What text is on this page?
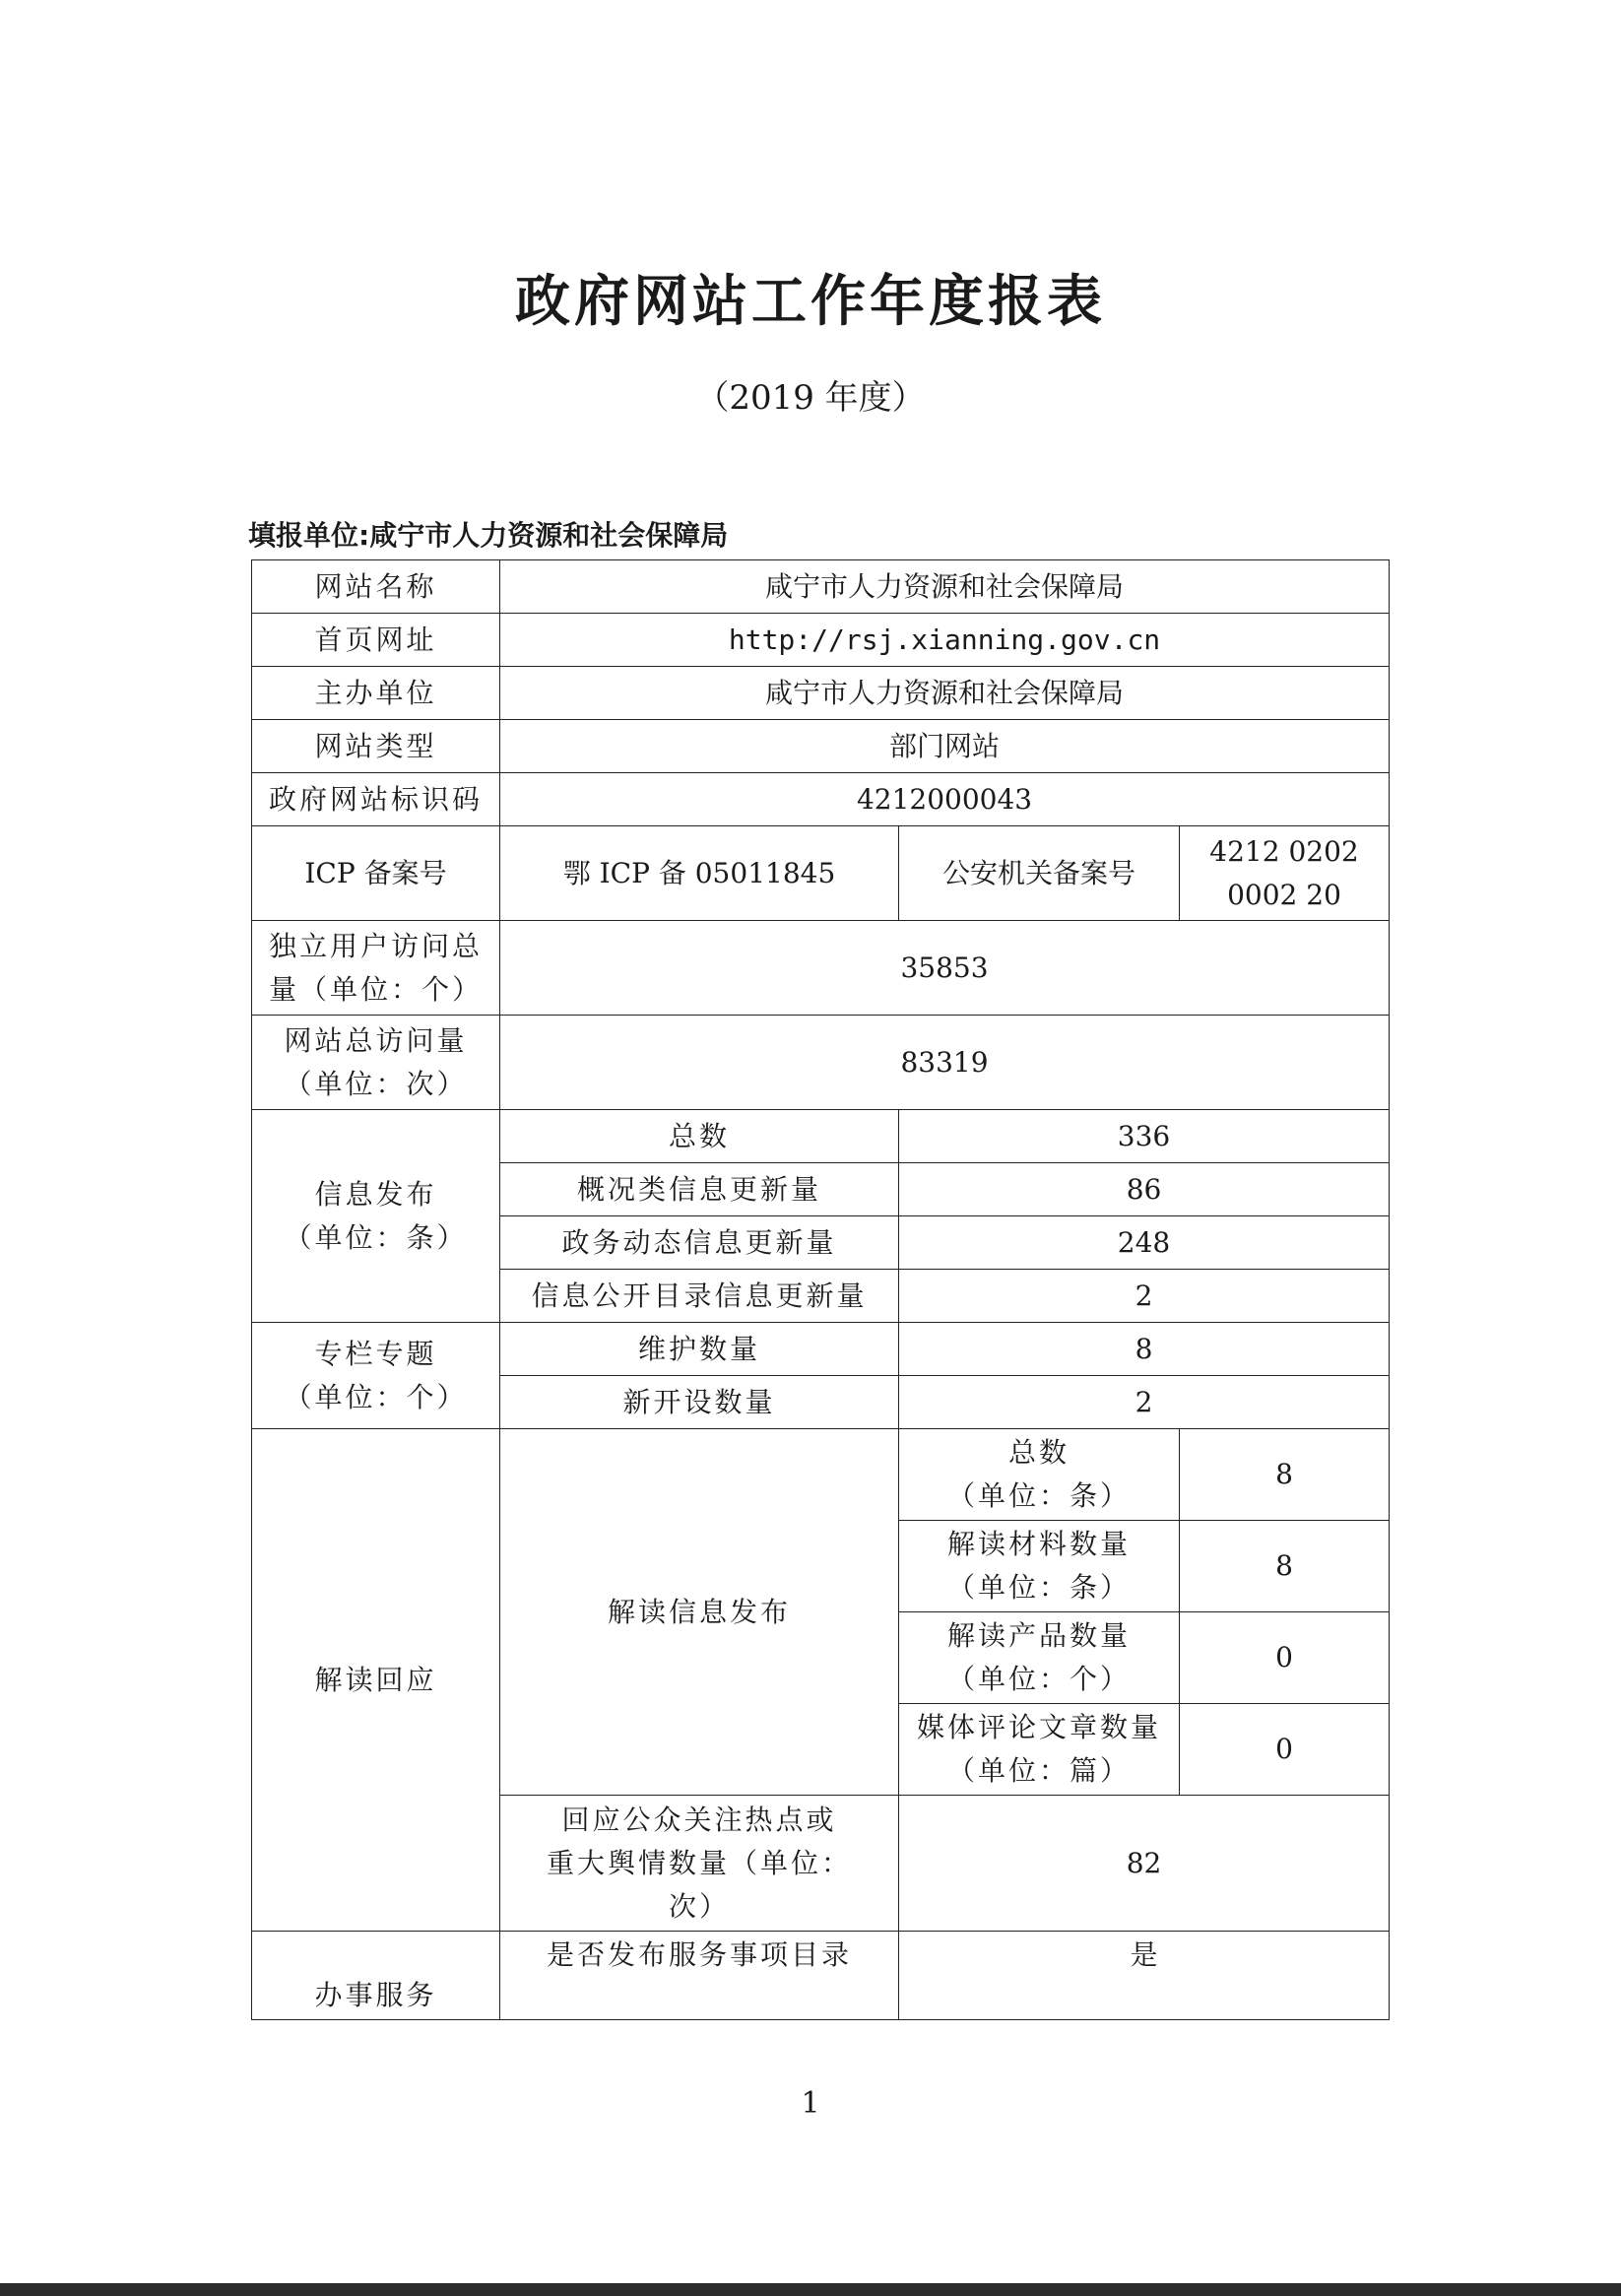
政府网站工作年度报表
（2019 年度）
填报单位:咸宁市人力资源和社会保障局
网站名称	咸宁市人力资源和社会保障局		
首页网址	http://rsj.xianning.gov.cn		
主办单位	咸宁市人力资源和社会保障局		
网站类型	部门网站		
政府网站标识码	4212000043		
ICP 备案号	鄂 ICP 备 05011845	公安机关备案号	4212 0202
0002 20

独立用户访问总
量（单位：个）	35853		

网站总访问量
（单位：次）	83319		

信息发布
（单位：条）	总数	336	
	概况类信息更新量	86	
	政务动态信息更新量	248	
	信息公开目录信息更新量	2	

专栏专题
（单位：个）	维护数量	8	
	新开设数量	2	
解读回应	解读信息发布	总数
（单位：条）	8

		解读材料数量
（单位：条）	8

		解读产品数量
（单位：个）	0

		媒体评论文章数量
（单位：篇）	0

	回应公众关注热点或
重大舆情数量（单位：
次）	82	
办事服务	是否发布服务事项目录	是	
1
